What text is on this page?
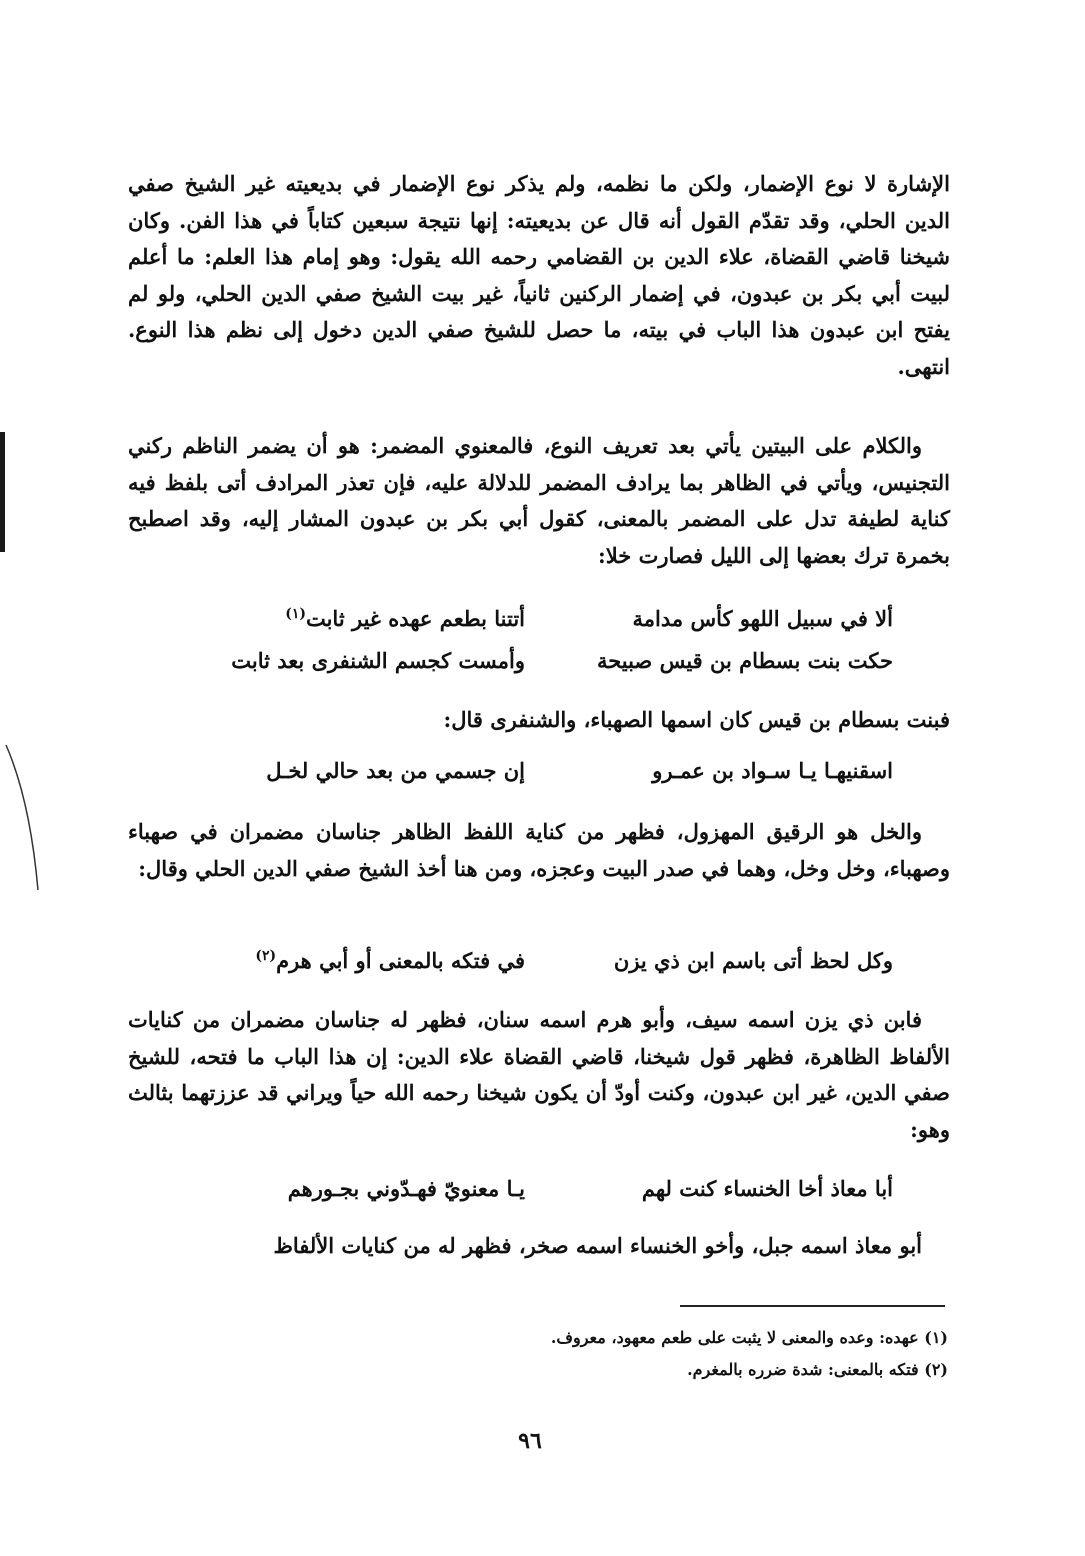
الإشارة لا نوع الإضمار، ولكن ما نظمه، ولم يذكر نوع الإضمار في بديعيته غير الشيخ صفي الدين الحلي، وقد تقدّم القول أنه قال عن بديعيته: إنها نتيجة سبعين كتاباً في هذا الفن. وكان شيخنا قاضي القضاة، علاء الدين بن القضامي رحمه الله يقول: وهو إمام هذا العلم: ما أعلم لبيت أبي بكر بن عبدون، في إضمار الركنين ثانياً، غير بيت الشيخ صفي الدين الحلي، ولو لم يفتح ابن عبدون هذا الباب في بيته، ما حصل للشيخ صفي الدين دخول إلى نظم هذا النوع. انتهى.

والكلام على البيتين يأتي بعد تعريف النوع، فالمعنوي المضمر: هو أن يضمر الناظم ركني التجنيس، ويأتي في الظاهر بما يرادف المضمر للدلالة عليه، فإن تعذر المرادف أتى بلفظ فيه كناية لطيفة تدل على المضمر بالمعنى، كقول أبي بكر بن عبدون المشار إليه، وقد اصطبح بخمرة ترك بعضها إلى الليل فصارت خلا:

ألا في سبيل اللهو كأس مدامة
أتتنا بطعم عهده غير ثابت$^{(١)}$
حكت بنت بسطام بن قيس صبيحة
وأمست كجسم الشنفرى بعد ثابت

فبنت بسطام بن قيس كان اسمها الصهباء، والشنفرى قال:

اسقنيهـا يـا سـواد بن عمـرو
إن جسمي من بعد حالي لخـل

والخل هو الرقيق المهزول، فظهر من كناية اللفظ الظاهر جناسان مضمران في صهباء وصهباء، وخل وخل، وهما في صدر البيت وعجزه، ومن هنا أخذ الشيخ صفي الدين الحلي وقال:

وكل لحظ أتى باسم ابن ذي يزن
في فتكه بالمعنى أو أبي هرم$^{(٢)}$

فابن ذي يزن اسمه سيف، وأبو هرم اسمه سنان، فظهر له جناسان مضمران من كنايات الألفاظ الظاهرة، فظهر قول شيخنا، قاضي القضاة علاء الدين: إن هذا الباب ما فتحه، للشيخ صفي الدين، غير ابن عبدون، وكنت أودّ أن يكون شيخنا رحمه الله حياً ويراني قد عززتهما بثالث وهو:

أبا معاذ أخا الخنساء كنت لهم
يـا معنويّ فهـدّوني بجـورهم

أبو معاذ اسمه جبل، وأخو الخنساء اسمه صخر، فظهر له من كنايات الألفاظ

(١) عهده: وعده والمعنى لا يثبت على طعم معهود، معروف.
(٢) فتكه بالمعنى: شدة ضرره بالمغرم.
٩٦
